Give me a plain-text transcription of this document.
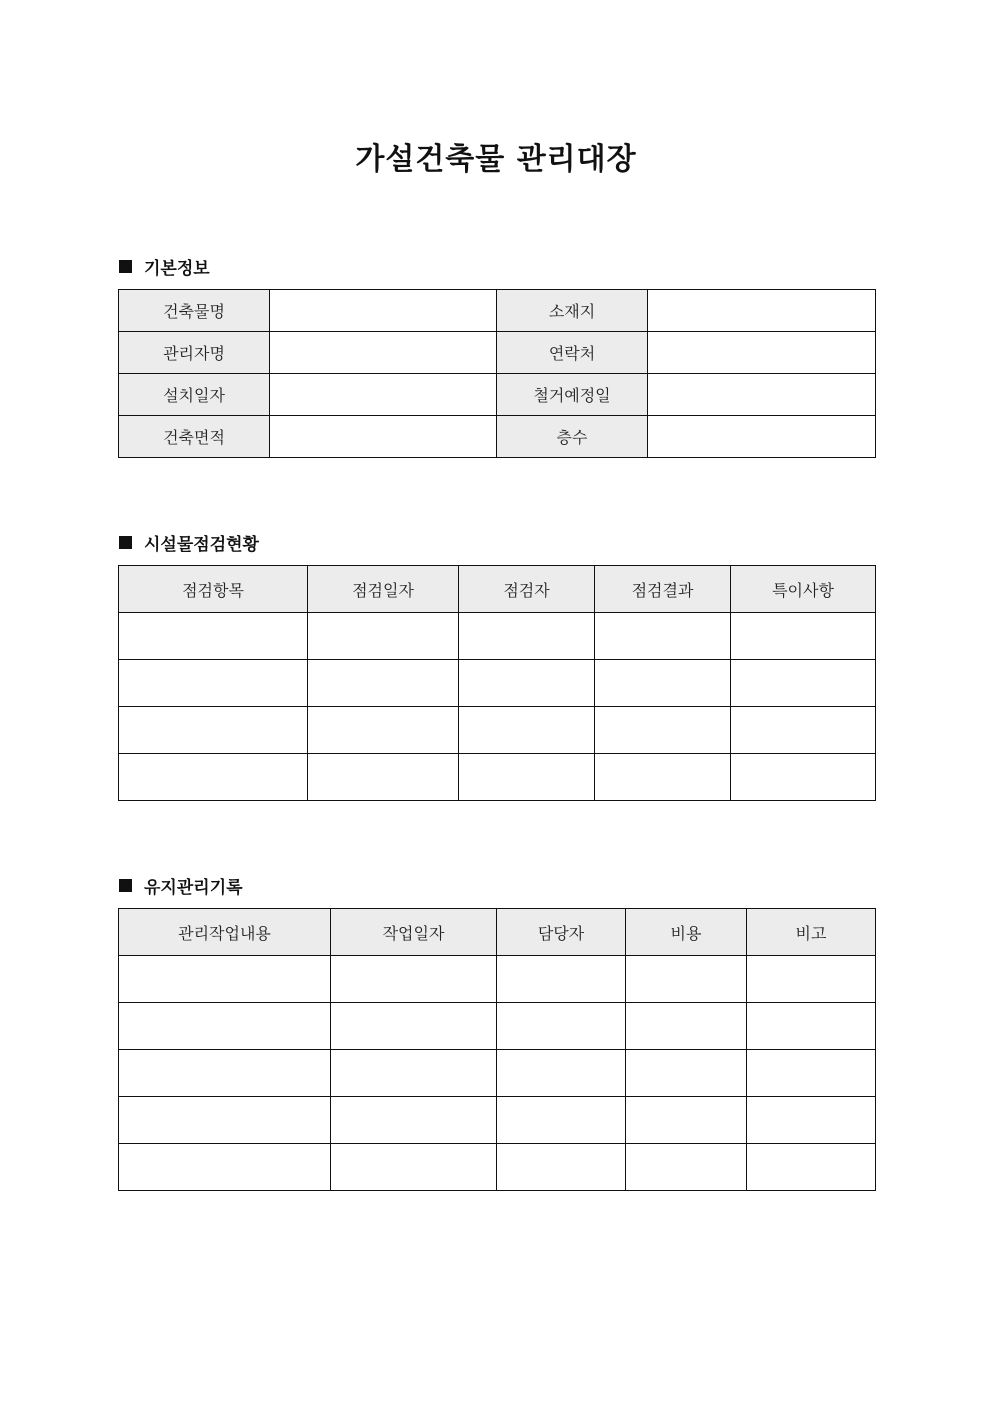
가설건축물 관리대장
기본정보
건축물명		소재지	
관리자명		연락처	
설치일자		철거예정일	
건축면적		층수	
시설물점검현황
점검항목	점검일자	점검자	점검결과	특이사항

유지관리기록
관리작업내용	작업일자	담당자	비용	비고
